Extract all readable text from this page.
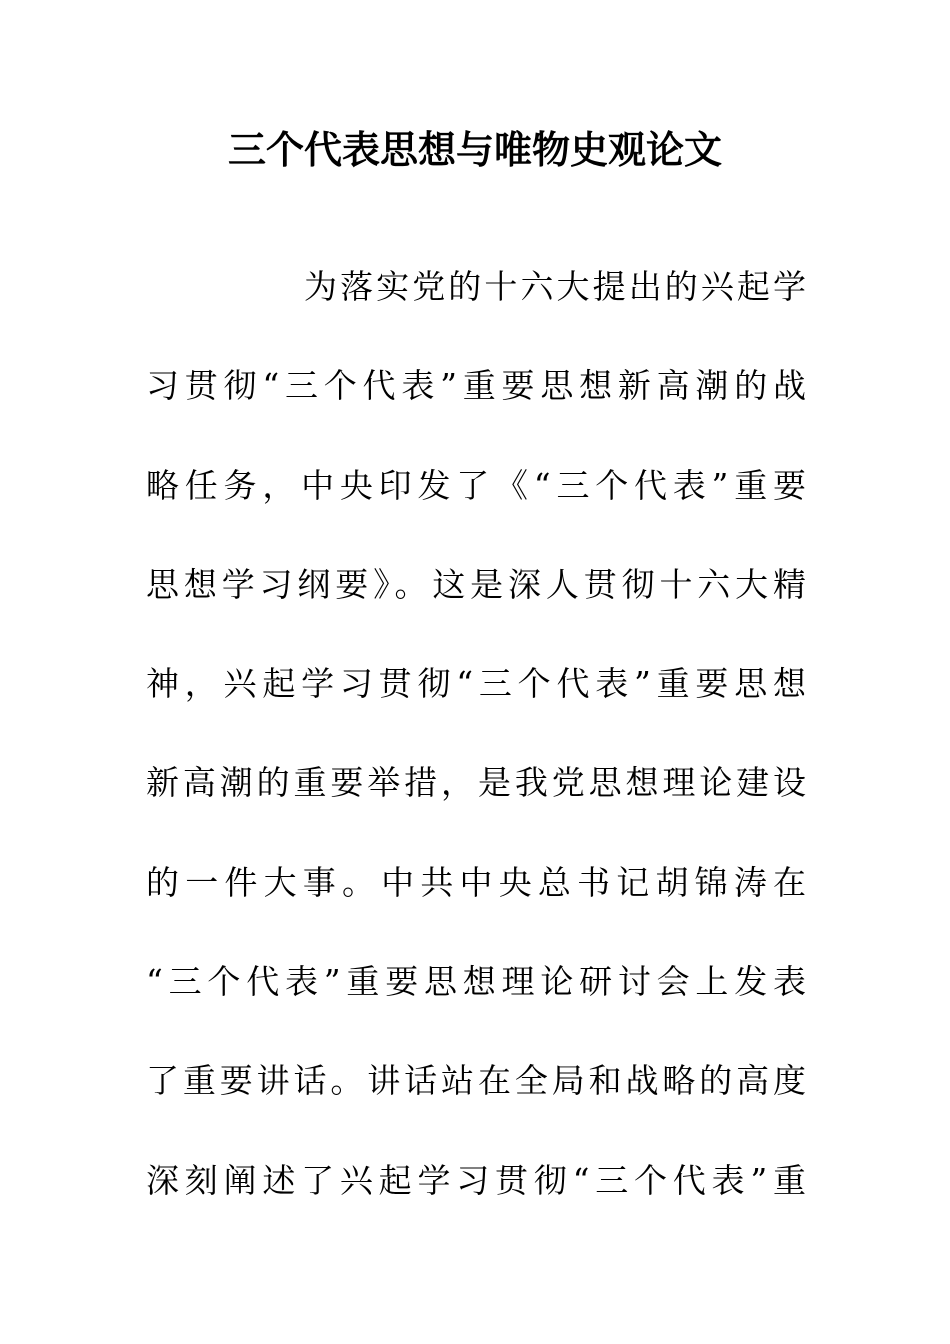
三个代表思想与唯物史观论文
为落实党的十六大提出的兴起学
习贯彻“三个代表”重要思想新高潮的战
略任务，中央印发了《“三个代表”重要
思想学习纲要》。这是深人贯彻十六大精
神，兴起学习贯彻“三个代表”重要思想
新高潮的重要举措，是我党思想理论建设
的一件大事。中共中央总书记胡锦涛在
“三个代表”重要思想理论研讨会上发表
了重要讲话。讲话站在全局和战略的高度
深刻阐述了兴起学习贯彻“三个代表”重
